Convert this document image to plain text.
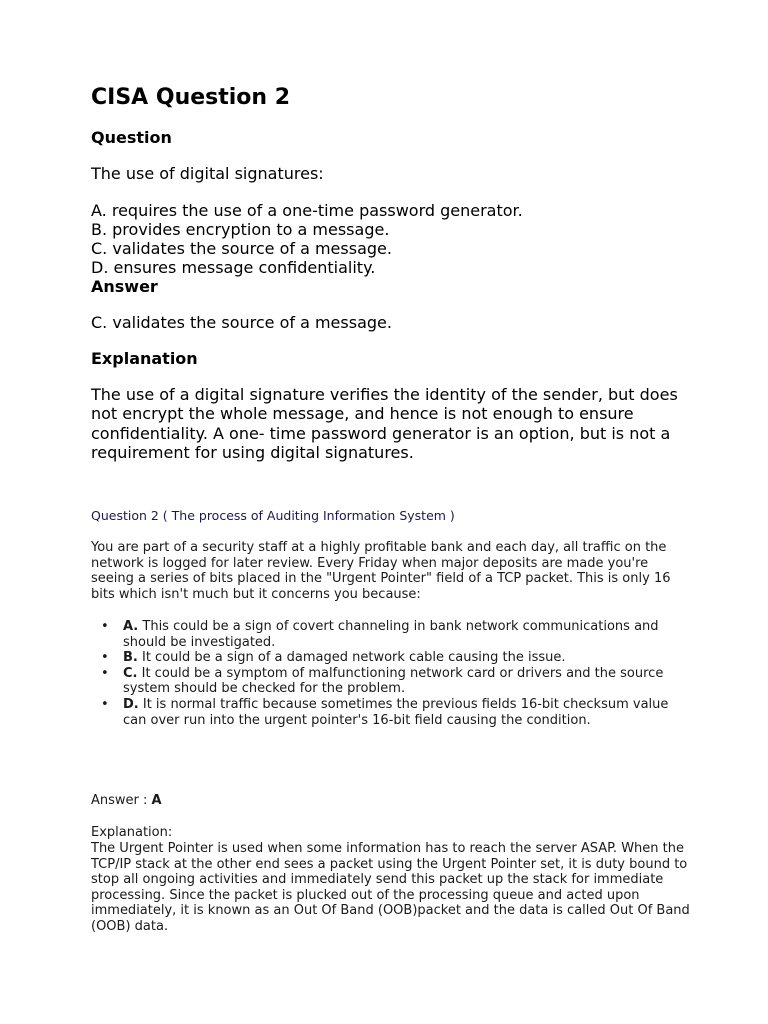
CISA Question 2
Question
The use of digital signatures:
A. requires the use of a one-time password generator.
B. provides encryption to a message.
C. validates the source of a message.
D. ensures message confidentiality.
Answer
C. validates the source of a message.
Explanation

The use of a digital signature verifies the identity of the sender, but does not encrypt the whole message, and hence is not enough to ensure confidentiality. A one- time password generator is an option, but is not a requirement for using digital signatures.

Question 2 ( The process of Auditing Information System )

You are part of a security staff at a highly profitable bank and each day, all traffic on the network is logged for later review. Every Friday when major deposits are made you're seeing a series of bits placed in the "Urgent Pointer" field of a TCP packet. This is only 16 bits which isn't much but it concerns you because:

• A. This could be a sign of covert channeling in bank network communications and should be investigated.
• B. It could be a sign of a damaged network cable causing the issue.
• C. It could be a symptom of malfunctioning network card or drivers and the source system should be checked for the problem.
• D. It is normal traffic because sometimes the previous fields 16-bit checksum value can over run into the urgent pointer's 16-bit field causing the condition.
Answer : A
Explanation:

The Urgent Pointer is used when some information has to reach the server ASAP. When the TCP/IP stack at the other end sees a packet using the Urgent Pointer set, it is duty bound to stop all ongoing activities and immediately send this packet up the stack for immediate processing. Since the packet is plucked out of the processing queue and acted upon immediately, it is known as an Out Of Band (OOB)packet and the data is called Out Of Band (OOB) data.
